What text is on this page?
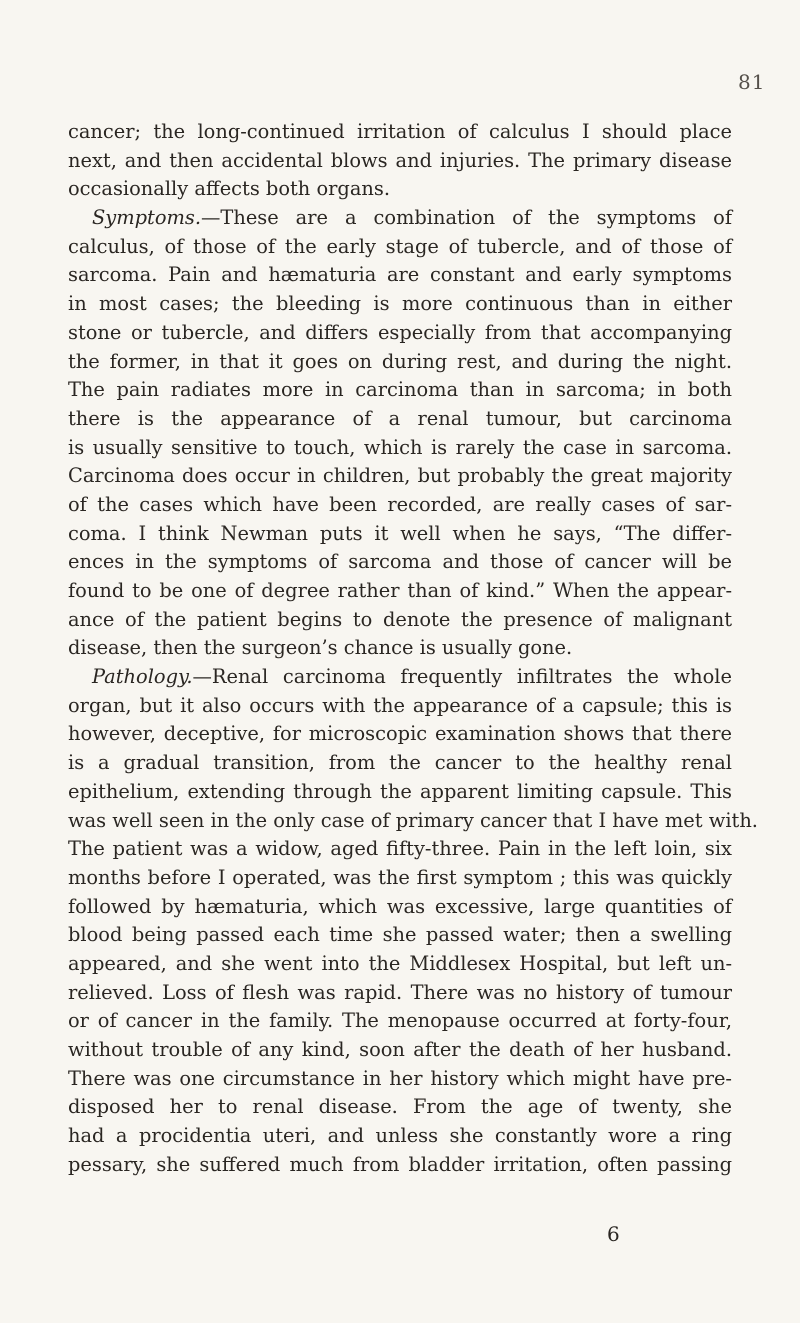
81
cancer; the long-continued irritation of calculus I should place
next, and then accidental blows and injuries. The primary disease
occasionally affects both organs.
Symptoms.—These are a combination of the symptoms of
calculus, of those of the early stage of tubercle, and of those of
sarcoma. Pain and hæmaturia are constant and early symptoms
in most cases; the bleeding is more continuous than in either
stone or tubercle, and differs especially from that accompanying
the former, in that it goes on during rest, and during the night.
The pain radiates more in carcinoma than in sarcoma; in both
there is the appearance of a renal tumour, but carcinoma
is usually sensitive to touch, which is rarely the case in sarcoma.
Carcinoma does occur in children, but probably the great majority
of the cases which have been recorded, are really cases of sar-
coma. I think Newman puts it well when he says, “The differ-
ences in the symptoms of sarcoma and those of cancer will be
found to be one of degree rather than of kind.” When the appear-
ance of the patient begins to denote the presence of malignant
disease, then the surgeon’s chance is usually gone.
Pathology.—Renal carcinoma frequently infiltrates the whole
organ, but it also occurs with the appearance of a capsule; this is
however, deceptive, for microscopic examination shows that there
is a gradual transition, from the cancer to the healthy renal
epithelium, extending through the apparent limiting capsule. This
was well seen in the only case of primary cancer that I have met with.
The patient was a widow, aged fifty-three. Pain in the left loin, six
months before I operated, was the first symptom ; this was quickly
followed by hæmaturia, which was excessive, large quantities of
blood being passed each time she passed water; then a swelling
appeared, and she went into the Middlesex Hospital, but left un-
relieved. Loss of flesh was rapid. There was no history of tumour
or of cancer in the family. The menopause occurred at forty-four,
without trouble of any kind, soon after the death of her husband.
There was one circumstance in her history which might have pre-
disposed her to renal disease. From the age of twenty, she
had a procidentia uteri, and unless she constantly wore a ring
pessary, she suffered much from bladder irritation, often passing
6
